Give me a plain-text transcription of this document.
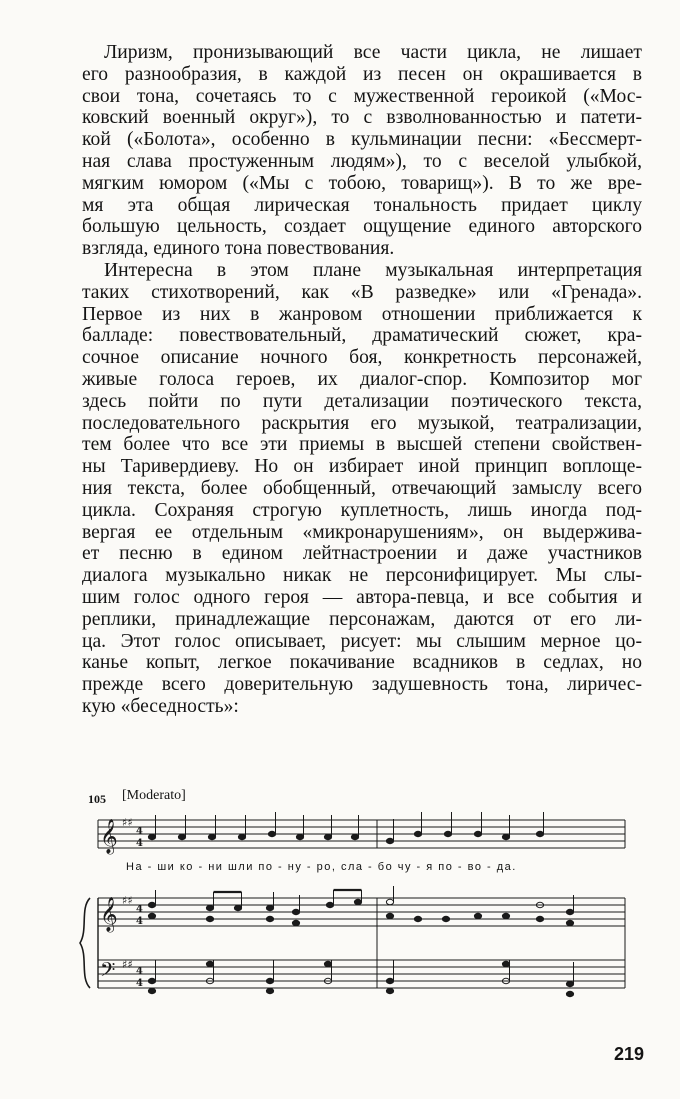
Лиризм, пронизывающий все части цикла, не лишает
его разнообразия, в каждой из песен он окрашивается в
свои тона, сочетаясь то с мужественной героикой («Мос-
ковский военный округ»), то с взволнованностью и патети-
кой («Болота», особенно в кульминации песни: «Бессмерт-
ная слава простуженным людям»), то с веселой улыбкой,
мягким юмором («Мы с тобою, товарищ»). В то же вре-
мя эта общая лирическая тональность придает циклу
большую цельность, создает ощущение единого авторского
взгляда, единого тона повествования.

Интересна в этом плане музыкальная интерпретация
таких стихотворений, как «В разведке» или «Гренада».
Первое из них в жанровом отношении приближается к
балладе: повествовательный, драматический сюжет, кра-
сочное описание ночного боя, конкретность персонажей,
живые голоса героев, их диалог-спор. Композитор мог
здесь пойти по пути детализации поэтического текста,
последовательного раскрытия его музыкой, театрализации,
тем более что все эти приемы в высшей степени свойствен-
ны Таривердиеву. Но он избирает иной принцип воплоще-
ния текста, более обобщенный, отвечающий замыслу всего
цикла. Сохраняя строгую куплетность, лишь иногда под-
вергая ее отдельным «микронарушениям», он выдержива-
ет песню в едином лейтнастроении и даже участников
диалога музыкально никак не персонифицирует. Мы слы-
шим голос одного героя — автора-певца, и все события и
реплики, принадлежащие персонажам, даются от его ли-
ца. Этот голос описывает, рисует: мы слышим мерное цо-
канье копыт, легкое покачивание всадников в седлах, но
прежде всего доверительную задушевность тона, лиричес-
кую «беседность»:

105 [Moderato]
𝄞
𝄞
𝄢
♯♯
♯♯
♯♯
4
4
4
4
4
4
На - ши ко - ни шли по - ну - ро, сла - бо чу - я по - во - да.
219
